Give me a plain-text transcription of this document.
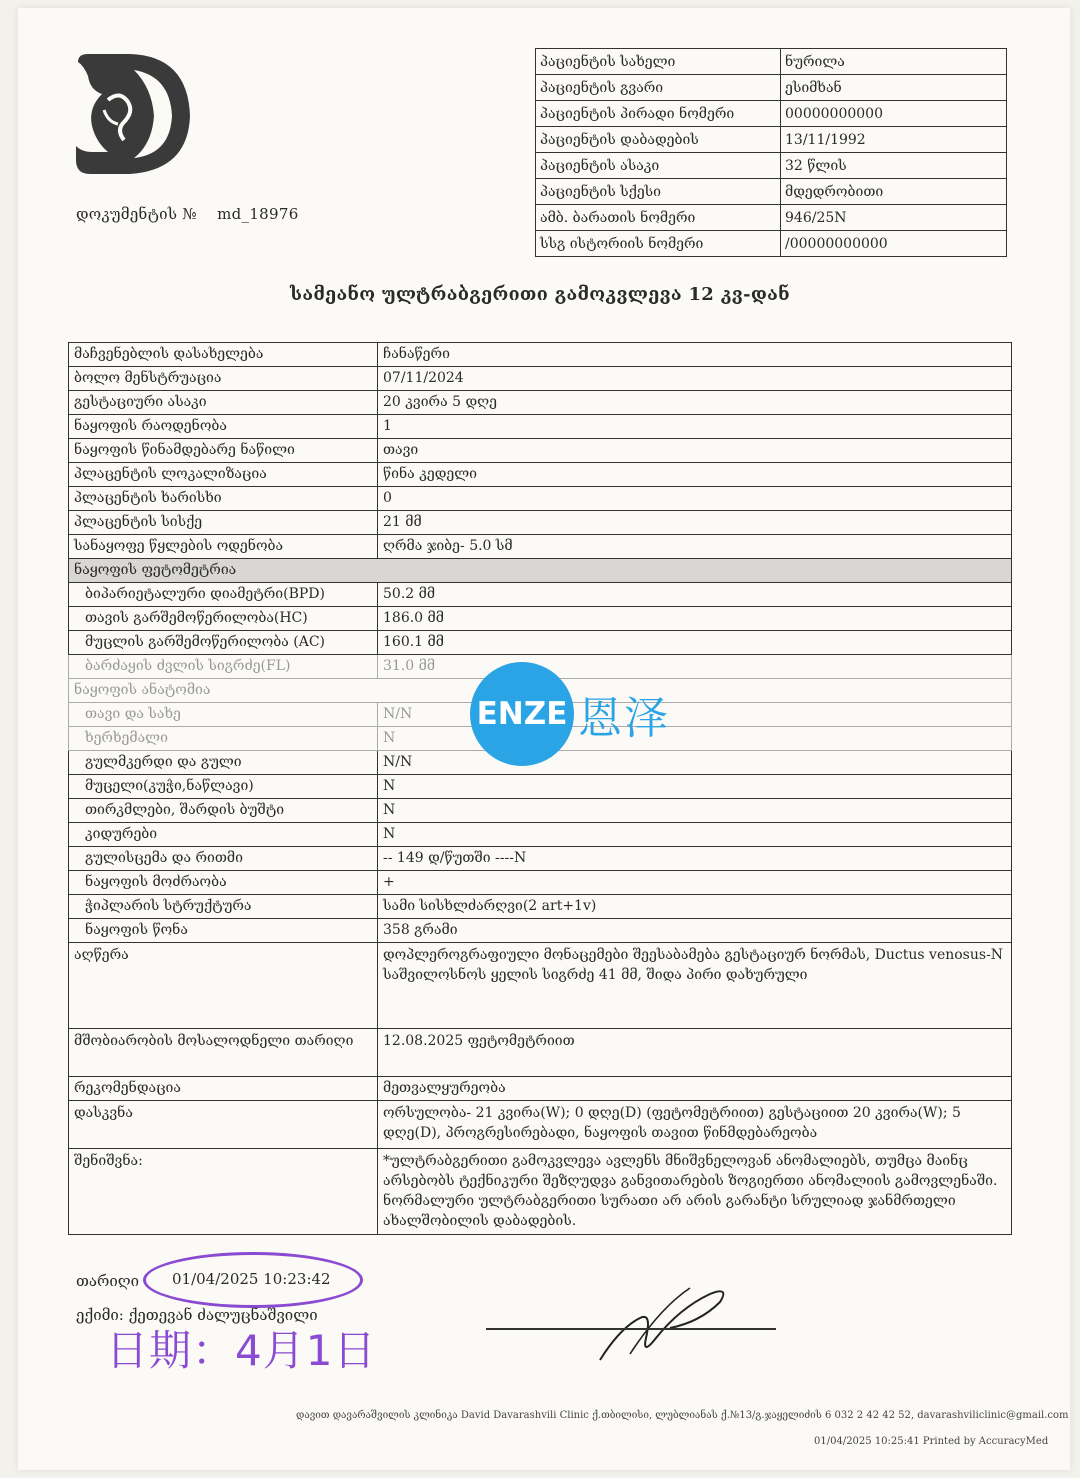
დოკუმენტის № md_18976
პაციენტის სახელი	ნურილა
პაციენტის გვარი	ესიმხან
პაციენტის პირადი ნომერი	00000000000
პაციენტის დაბადების	13/11/1992
პაციენტის ასაკი	32 წლის
პაციენტის სქესი	მდედრობითი
ამბ. ბარათის ნომერი	946/25N
სსგ ისტორიის ნომერი	/00000000000
სამეანო ულტრაბგერითი გამოკვლევა 12 კვ-დან
მაჩვენებლის დასახელება	ჩანაწერი
ბოლო მენსტრუაცია	07/11/2024
გესტაციური ასაკი	20 კვირა 5 დღე
ნაყოფის რაოდენობა	1
ნაყოფის წინამდებარე ნაწილი	თავი
პლაცენტის ლოკალიზაცია	წინა კედელი
პლაცენტის ხარისხი	0
პლაცენტის სისქე	21 მმ
სანაყოფე წყლების ოდენობა	ღრმა ჯიბე- 5.0 სმ
ნაყოფის ფეტომეტრია	
ბიპარიეტალური დიამეტრი(BPD)	50.2 მმ
თავის გარშემოწერილობა(HC)	186.0 მმ
მუცლის გარშემოწერილობა (AC)	160.1 მმ
ბარძაყის ძვლის სიგრძე(FL)	31.0 მმ
ნაყოფის ანატომია	
თავი და სახე	N/N
ხერხემალი	N
გულმკერდი და გული	N/N
მუცელი(კუჭი,ნაწლავი)	N
თირკმლები, შარდის ბუშტი	N
კიდურები	N
გულისცემა და რითმი	-- 149 დ/წუთში ----N
ნაყოფის მოძრაობა	+
ჭიპლარის სტრუქტურა	სამი სისხლძარღვი(2 art+1v)
ნაყოფის წონა	358 გრამი
აღწერა	დოპლეროგრაფიული მონაცემები შეესაბამება გესტაციურ ნორმას, Ductus venosus-N
საშვილოსნოს ყელის სიგრძე 41 მმ, შიდა პირი დახურული

მშობიარობის მოსალოდნელი თარიღი	12.08.2025 ფეტომეტრიით
რეკომენდაცია	მეთვალყურეობა
დასკვნა	ორსულობა- 21 კვირა(W); 0 დღე(D) (ფეტომეტრიით) გესტაციით 20 კვირა(W); 5 დღე(D), პროგრესირებადი, ნაყოფის თავით წინმდებარეობა
შენიშვნა:	*ულტრაბგერითი გამოკვლევა ავლენს მნიშვნელოვან ანომალიებს, თუმცა მაინც არსებობს ტექნიკური შეზღუდვა განვითარების ზოგიერთი ანომალიის გამოვლენაში. ნორმალური ულტრაბგერითი სურათი არ არის გარანტი სრულიად ჯანმრთელი ახალშობილის დაბადების.
ENZE 恩泽
თარიღი 01/04/2025 10:23:42
ექიმი: ქეთევან ძალუცნაშვილი
日期：4月1日
დავით დავარაშვილის კლინიკა David Davarashvili Clinic ქ.თბილისი, ლუბლიანას ქ.№13/გ.ჯაყელიძის 6 032 2 42 42 52, davarashviliclinic@gmail.com
01/04/2025 10:25:41 Printed by AccuracyMed
